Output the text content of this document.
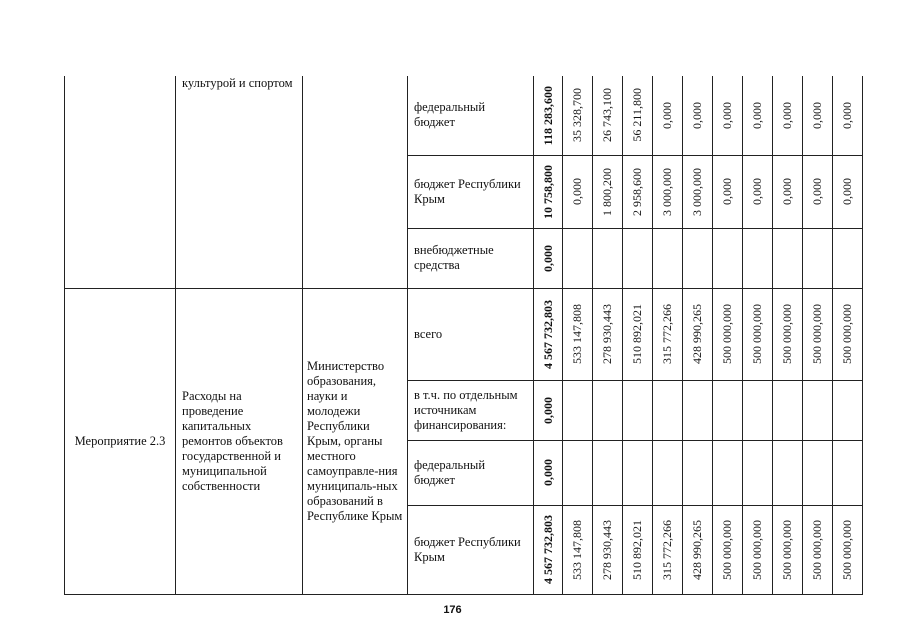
	культурой и спортом		федеральный бюджет	118 283,600	35 328,700	26 743,100	56 211,800	0,000	0,000	0,000	0,000	0,000	0,000	0,000

			бюджет Республики Крым	10 758,800	0,000	1 800,200	2 958,600	3 000,000	3 000,000	0,000	0,000	0,000	0,000	0,000

			внебюджетные средства	0,000										

Мероприятие 2.3	Расходы на проведение капитальных ремонтов объектов государственной и муниципальной собственности	Министерство образования, науки и молодежи Республики Крым, органы местного самоуправле-ния муниципаль-ных образований в Республике Крым	всего	4 567 732,803	533 147,808	278 930,443	510 892,021	315 772,266	428 990,265	500 000,000	500 000,000	500 000,000	500 000,000	500 000,000

			в т.ч. по отдельным источникам финансирования:	0,000										

			федеральный бюджет	0,000										

			бюджет Республики Крым	4 567 732,803	533 147,808	278 930,443	510 892,021	315 772,266	428 990,265	500 000,000	500 000,000	500 000,000	500 000,000	500 000,000
176
